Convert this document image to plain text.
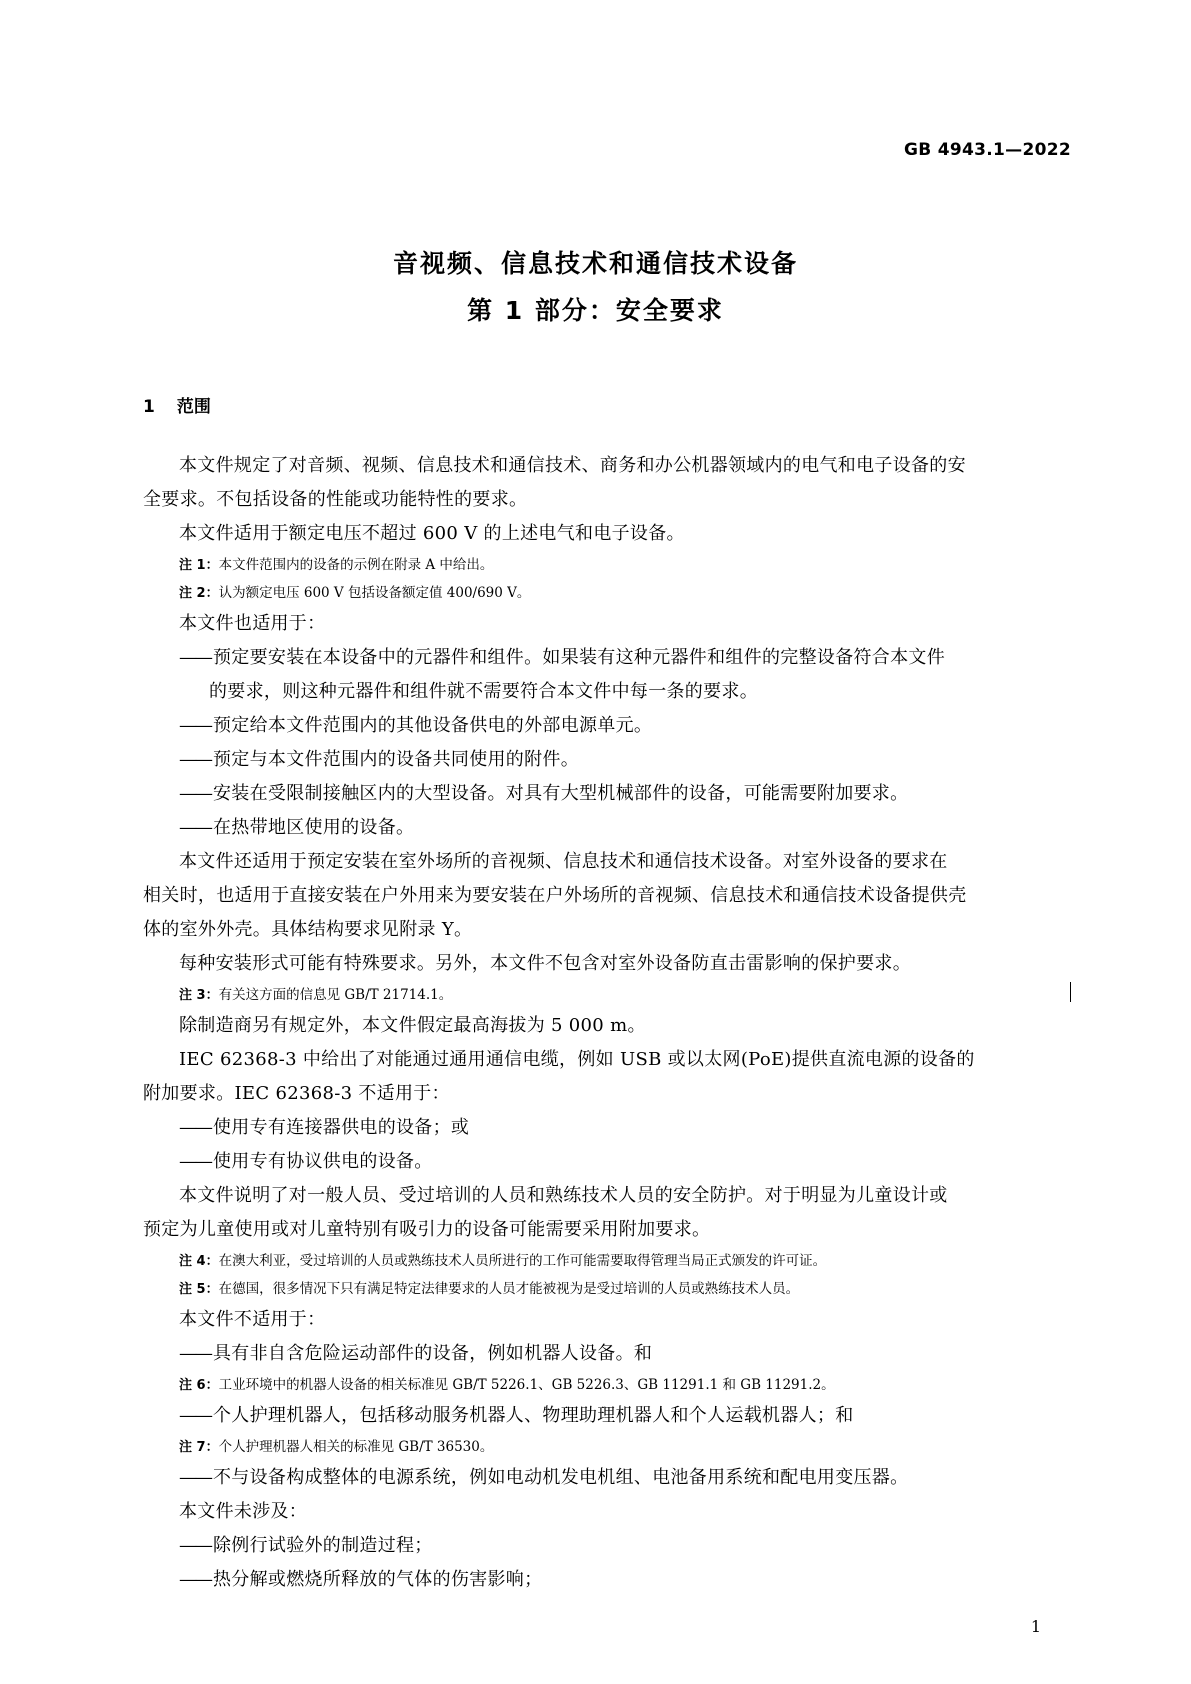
GB 4943.1—2022
音视频、信息技术和通信技术设备
第 1 部分：安全要求
1 范围
本文件规定了对音频、视频、信息技术和通信技术、商务和办公机器领域内的电气和电子设备的安
全要求。不包括设备的性能或功能特性的要求。
本文件适用于额定电压不超过 600 V 的上述电气和电子设备。
注 1：本文件范围内的设备的示例在附录 A 中给出。
注 2：认为额定电压 600 V 包括设备额定值 400/690 V。
本文件也适用于：
—— 预定要安装在本设备中的元器件和组件。如果装有这种元器件和组件的完整设备符合本文件
的要求，则这种元器件和组件就不需要符合本文件中每一条的要求。
—— 预定给本文件范围内的其他设备供电的外部电源单元。
—— 预定与本文件范围内的设备共同使用的附件。
—— 安装在受限制接触区内的大型设备。对具有大型机械部件的设备，可能需要附加要求。
—— 在热带地区使用的设备。
本文件还适用于预定安装在室外场所的音视频、信息技术和通信技术设备。对室外设备的要求在
相关时，也适用于直接安装在户外用来为要安装在户外场所的音视频、信息技术和通信技术设备提供壳
体的室外外壳。具体结构要求见附录 Y。
每种安装形式可能有特殊要求。另外，本文件不包含对室外设备防直击雷影响的保护要求。
注 3：有关这方面的信息见 GB/T 21714.1。
除制造商另有规定外，本文件假定最高海拔为 5 000 m。
IEC 62368-3 中给出了对能通过通用通信电缆，例如 USB 或以太网(PoE)提供直流电源的设备的
附加要求。IEC 62368-3 不适用于：
—— 使用专有连接器供电的设备；或
—— 使用专有协议供电的设备。
本文件说明了对一般人员、受过培训的人员和熟练技术人员的安全防护。对于明显为儿童设计或
预定为儿童使用或对儿童特别有吸引力的设备可能需要采用附加要求。
注 4：在澳大利亚，受过培训的人员或熟练技术人员所进行的工作可能需要取得管理当局正式颁发的许可证。
注 5：在德国，很多情况下只有满足特定法律要求的人员才能被视为是受过培训的人员或熟练技术人员。
本文件不适用于：
—— 具有非自含危险运动部件的设备，例如机器人设备。和
注 6：工业环境中的机器人设备的相关标准见 GB/T 5226.1、GB 5226.3、GB 11291.1 和 GB 11291.2。
—— 个人护理机器人，包括移动服务机器人、物理助理机器人和个人运载机器人；和
注 7：个人护理机器人相关的标准见 GB/T 36530。
—— 不与设备构成整体的电源系统，例如电动机发电机组、电池备用系统和配电用变压器。
本文件未涉及：
—— 除例行试验外的制造过程；
—— 热分解或燃烧所释放的气体的伤害影响；
1
